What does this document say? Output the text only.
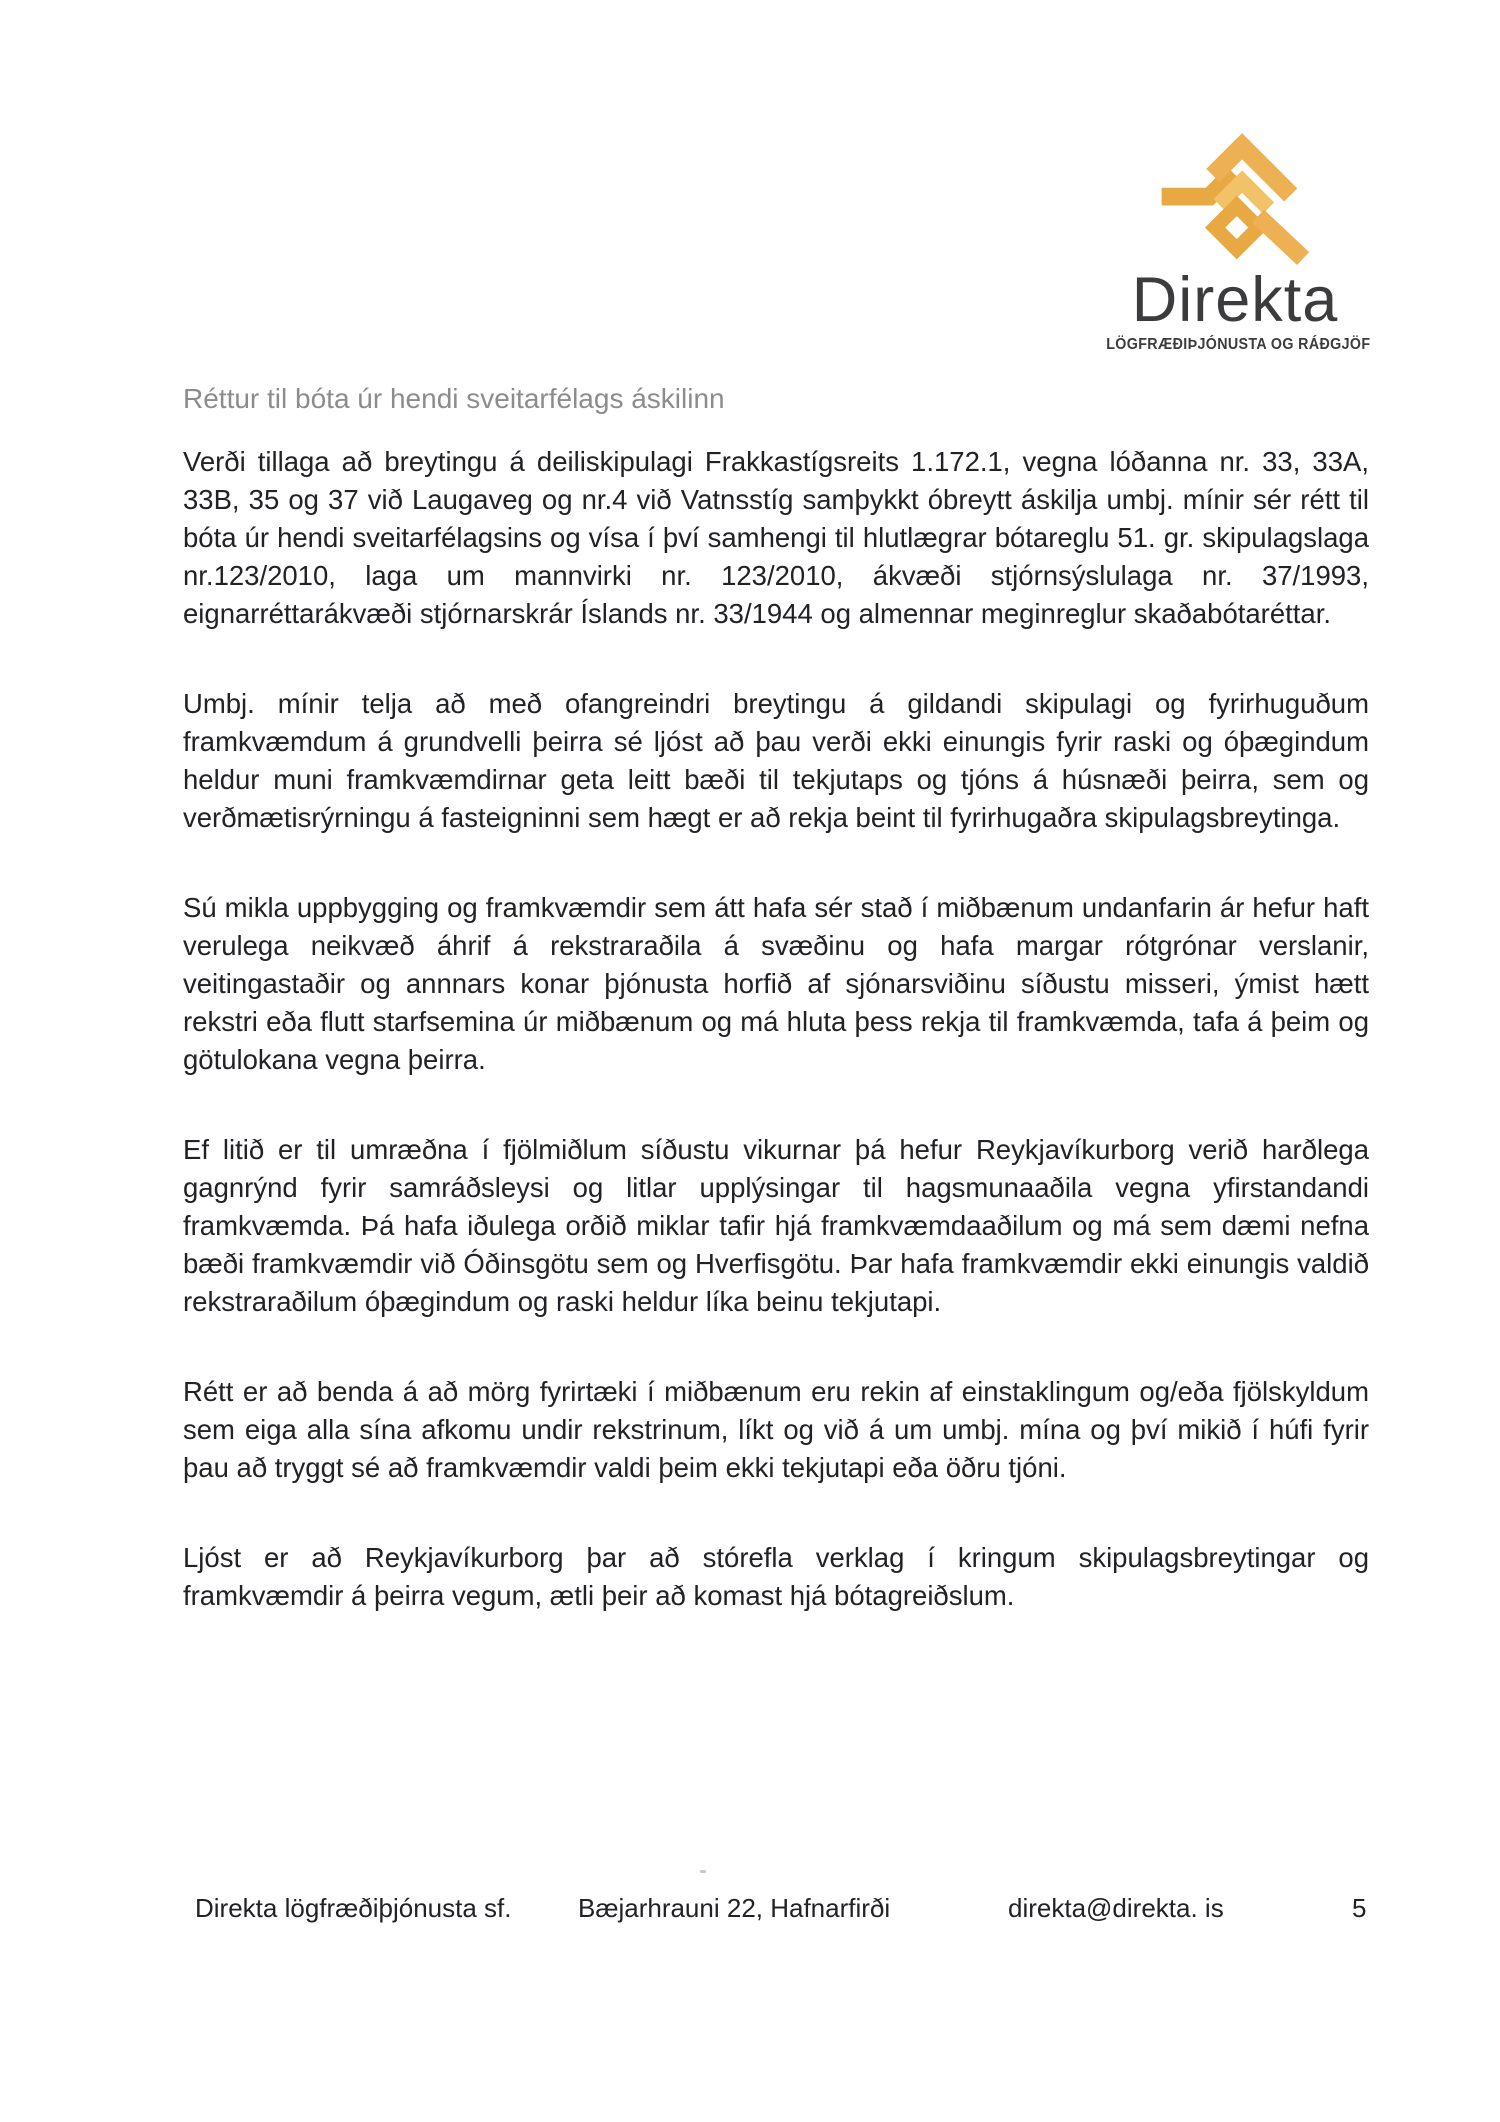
Direkta
LÖGFRÆÐIÞJÓNUSTA OG RÁÐGJÖF
Réttur til bóta úr hendi sveitarfélags áskilinn

Verði tillaga að breytingu á deiliskipulagi Frakkastígsreits 1.172.1, vegna lóðanna nr. 33, 33A, 33B, 35 og 37 við Laugaveg og nr.4 við Vatnsstíg samþykkt óbreytt áskilja umbj. mínir sér rétt til bóta úr hendi sveitarfélagsins og vísa í því samhengi til hlutlægrar bótareglu 51. gr. skipulagslaga nr.123/2010, laga um mannvirki nr. 123/2010, ákvæði stjórnsýslulaga nr. 37/1993, eignarréttarákvæði stjórnarskrár Íslands nr. 33/1944 og almennar meginreglur skaðabótaréttar.

Umbj. mínir telja að með ofangreindri breytingu á gildandi skipulagi og fyrirhuguðum framkvæmdum á grundvelli þeirra sé ljóst að þau verði ekki einungis fyrir raski og óþægindum heldur muni framkvæmdirnar geta leitt bæði til tekjutaps og tjóns á húsnæði þeirra, sem og verðmætisrýrningu á fasteigninni sem hægt er að rekja beint til fyrirhugaðra skipulagsbreytinga.

Sú mikla uppbygging og framkvæmdir sem átt hafa sér stað í miðbænum undanfarin ár hefur haft verulega neikvæð áhrif á rekstraraðila á svæðinu og hafa margar rótgrónar verslanir, veitingastaðir og annnars konar þjónusta horfið af sjónarsviðinu síðustu misseri, ýmist hætt rekstri eða flutt starfsemina úr miðbænum og má hluta þess rekja til framkvæmda, tafa á þeim og götulokana vegna þeirra.

Ef litið er til umræðna í fjölmiðlum síðustu vikurnar þá hefur Reykjavíkurborg verið harðlega gagnrýnd fyrir samráðsleysi og litlar upplýsingar til hagsmunaaðila vegna yfirstandandi framkvæmda. Þá hafa iðulega orðið miklar tafir hjá framkvæmdaaðilum og má sem dæmi nefna bæði framkvæmdir við Óðinsgötu sem og Hverfisgötu. Þar hafa framkvæmdir ekki einungis valdið rekstraraðilum óþægindum og raski heldur líka beinu tekjutapi.

Rétt er að benda á að mörg fyrirtæki í miðbænum eru rekin af einstaklingum og/eða fjölskyldum sem eiga alla sína afkomu undir rekstrinum, líkt og við á um umbj. mína og því mikið í húfi fyrir þau að tryggt sé að framkvæmdir valdi þeim ekki tekjutapi eða öðru tjóni.

Ljóst er að Reykjavíkurborg þar að stórefla verklag í kringum skipulagsbreytingar og framkvæmdir á þeirra vegum, ætli þeir að komast hjá bótagreiðslum.

Direkta lögfræðiþjónusta sf.	Bæjarhrauni 22, Hafnarfirði	direkta@direkta. is	5
